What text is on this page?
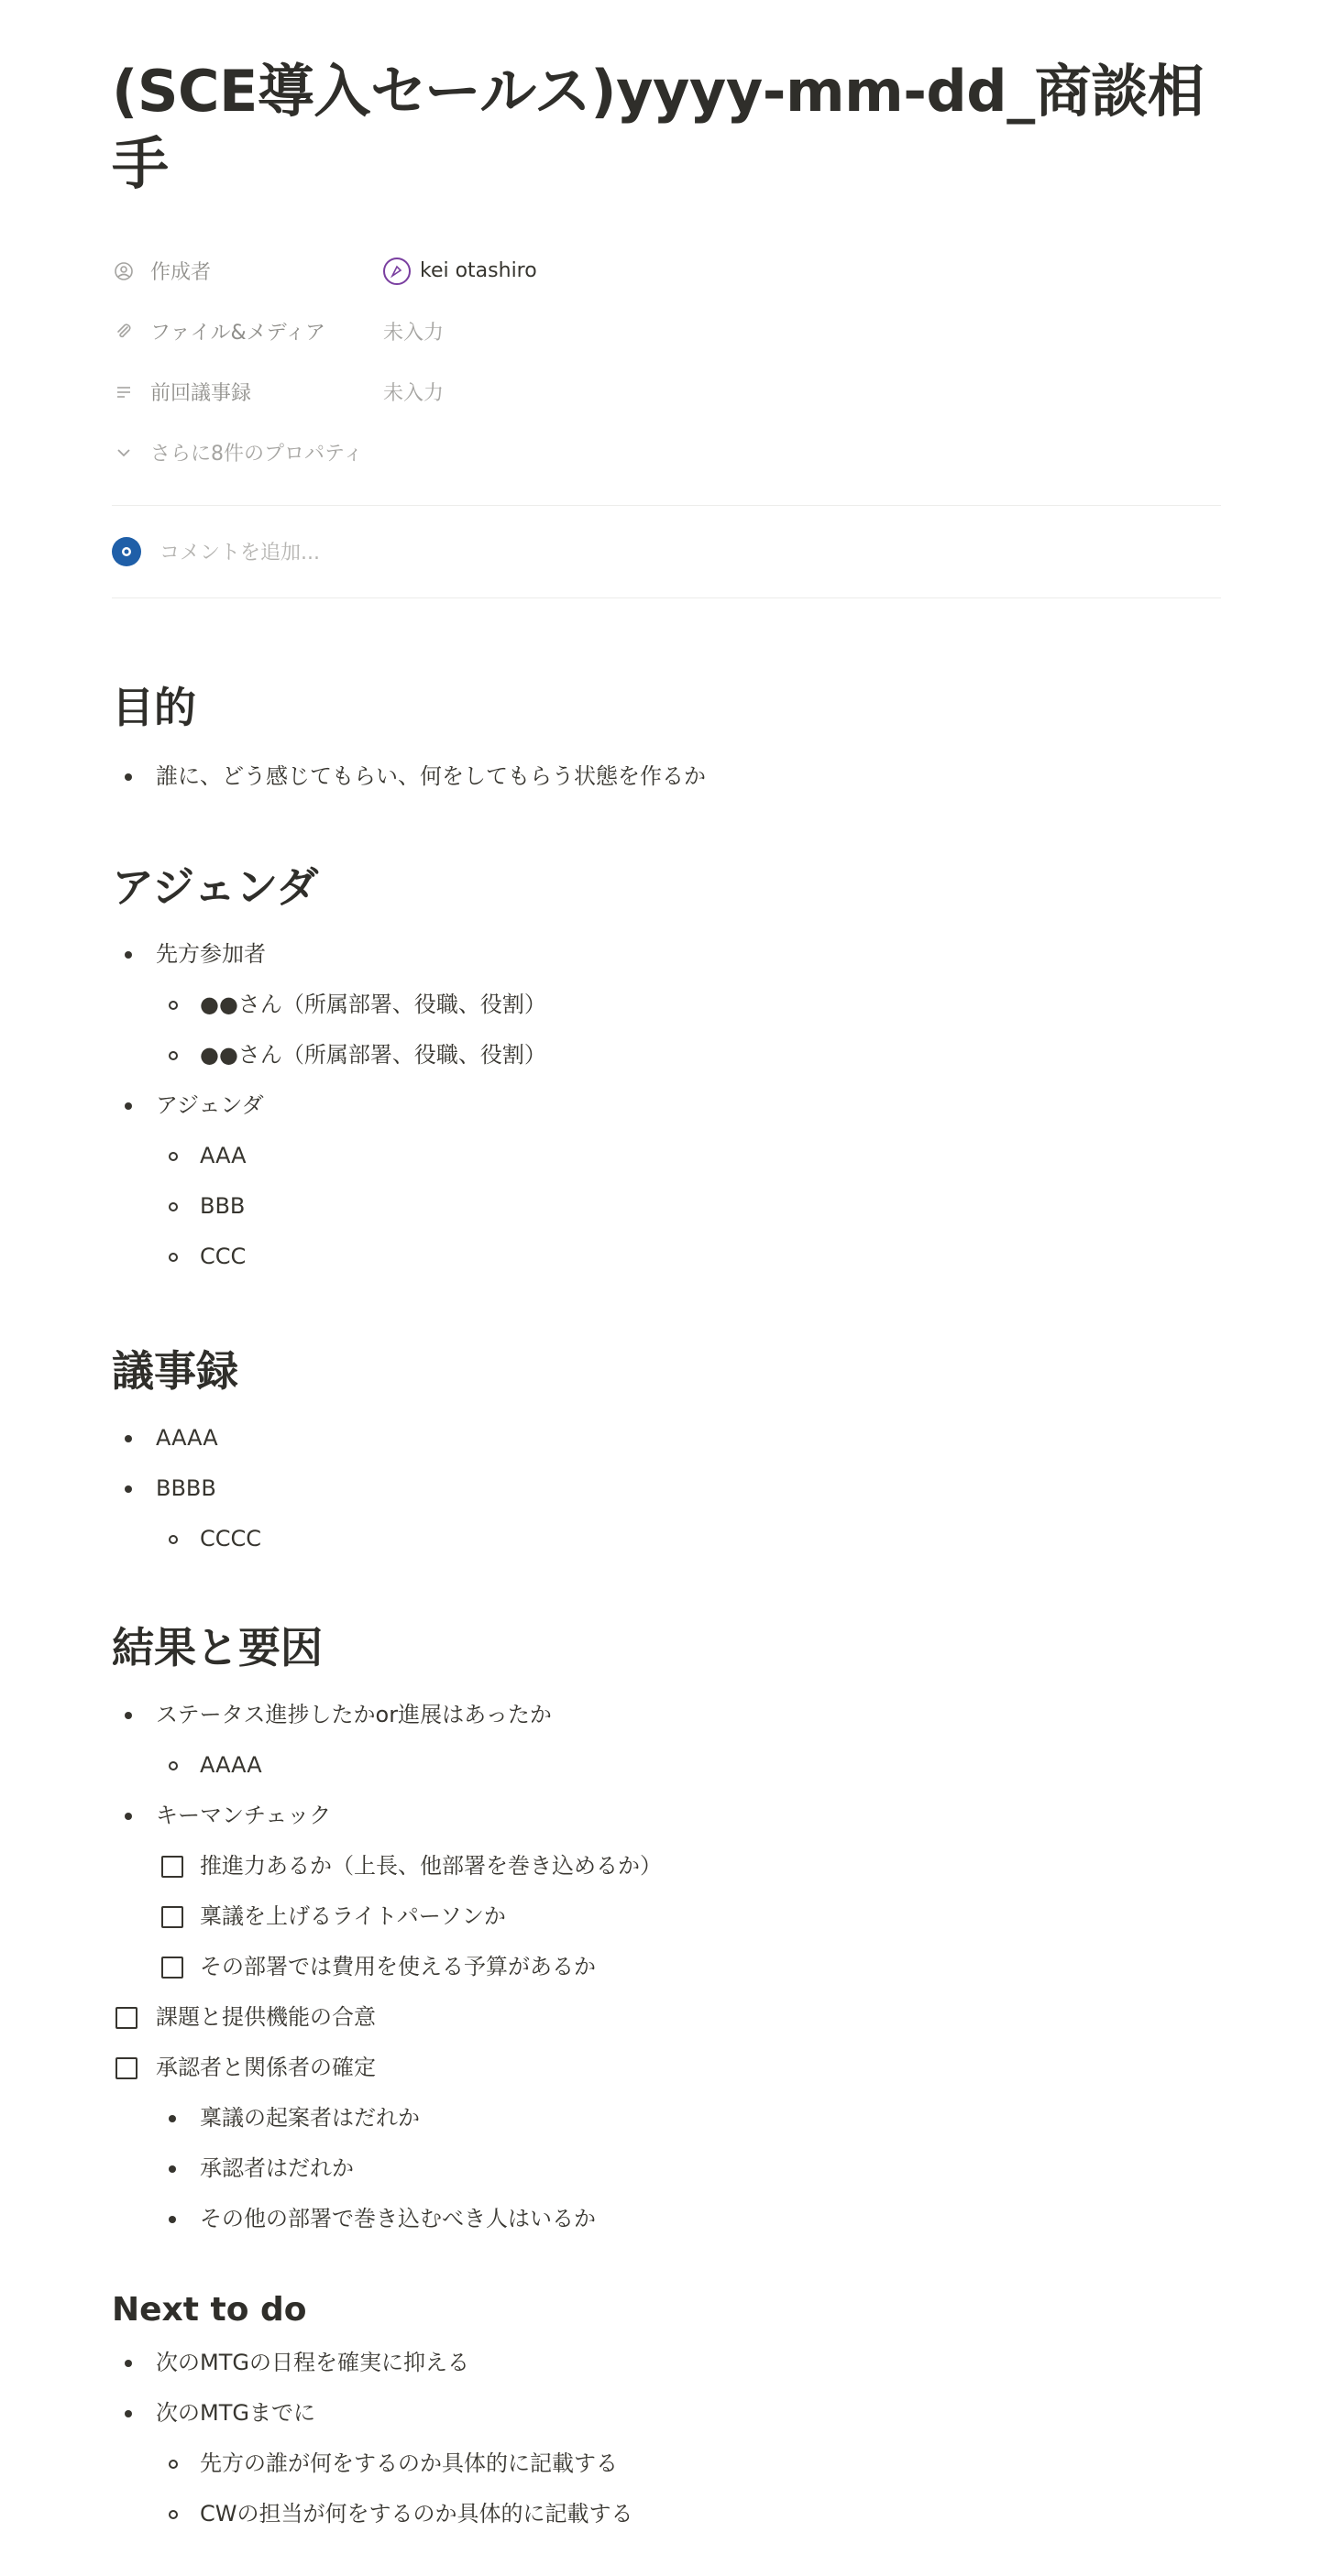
(SCE導入セールス)yyyy-mm-dd_商談相手
作成者	kei otashiro
ファイル&メディア	未入力
前回議事録	未入力
さらに8件のプロパティ
コメントを追加...
目的
誰に、どう感じてもらい、何をしてもらう状態を作るか
アジェンダ
先方参加者
●●さん（所属部署、役職、役割）
●●さん（所属部署、役職、役割）
アジェンダ
AAA
BBB
CCC
議事録
AAAA
BBBB
CCCC
結果と要因
ステータス進捗したかor進展はあったか
AAAA
キーマンチェック
推進力あるか（上長、他部署を巻き込めるか）
稟議を上げるライトパーソンか
その部署では費用を使える予算があるか
課題と提供機能の合意
承認者と関係者の確定
稟議の起案者はだれか
承認者はだれか
その他の部署で巻き込むべき人はいるか
Next to do
次のMTGの日程を確実に抑える
次のMTGまでに
先方の誰が何をするのか具体的に記載する
CWの担当が何をするのか具体的に記載する
